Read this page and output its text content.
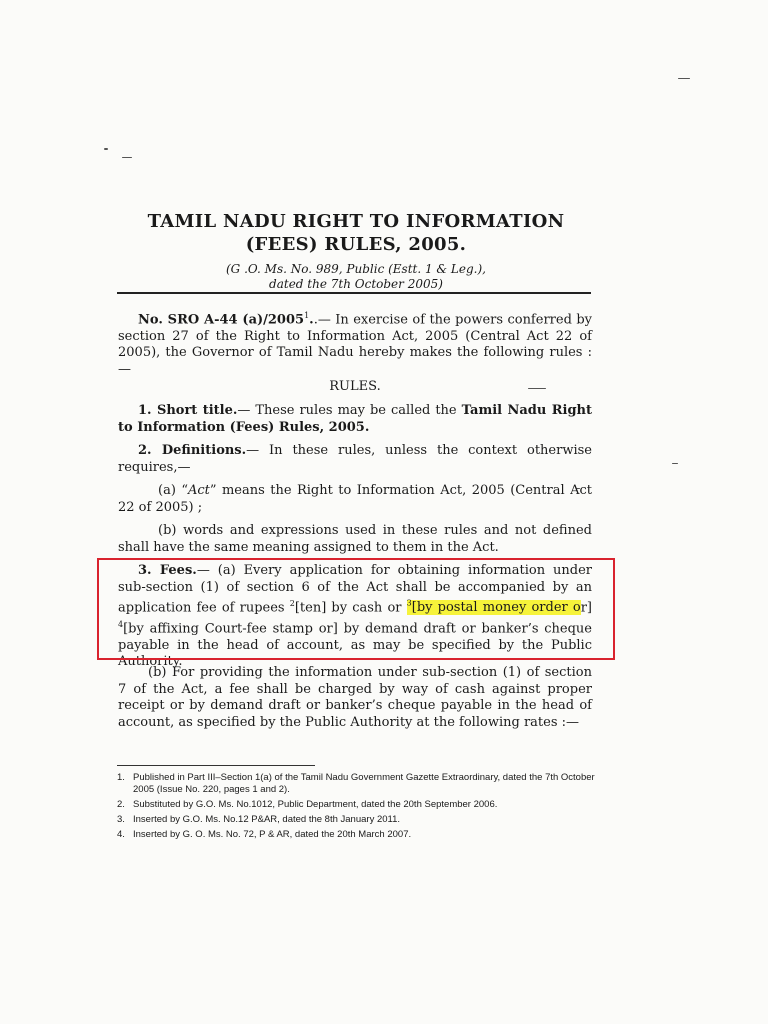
TAMIL NADU RIGHT TO INFORMATION
(FEES) RULES, 2005.
(G .O. Ms. No. 989, Public (Estt. 1 & Leg.),
dated the 7th October 2005)
No. SRO A-44 (a)/2005$^1$..— In exercise of the powers conferred by section 27 of the Right to Information Act, 2005 (Central Act 22 of 2005), the Governor of Tamil Nadu hereby makes the following rules :—
RULES.
1. Short title.— These rules may be called the Tamil Nadu Right to Information (Fees) Rules, 2005.
2. Definitions.— In these rules, unless the context otherwise requires,—
(a) “Act” means the Right to Information Act, 2005 (Central Act 22 of 2005) ;
(b) words and expressions used in these rules and not defined shall have the same meaning assigned to them in the Act.
3. Fees.— (a) Every application for obtaining information under sub-section (1) of section 6 of the Act shall be accompanied by an application fee of rupees $^2$[ten] by cash or $^3$[by postal money order or] $^4$[by affixing Court-fee stamp or] by demand draft or banker’s cheque payable in the head of account, as may be specified by the Public Authority.
(b) For providing the information under sub-section (1) of section 7 of the Act, a fee shall be charged by way of cash against proper receipt or by demand draft or banker’s cheque payable in the head of account, as specified by the Public Authority at the following rates :—
1. Published in Part III–Section 1(a) of the Tamil Nadu Government Gazette Extraordinary, dated the 7th October 2005 (Issue No. 220, pages 1 and 2).
2. Substituted by G.O. Ms. No.1012, Public Department, dated the 20th September 2006.
3. Inserted by G.O. Ms. No.12 P&AR, dated the 8th January 2011.
4. Inserted by G. O. Ms. No. 72, P & AR, dated the 20th March 2007.
